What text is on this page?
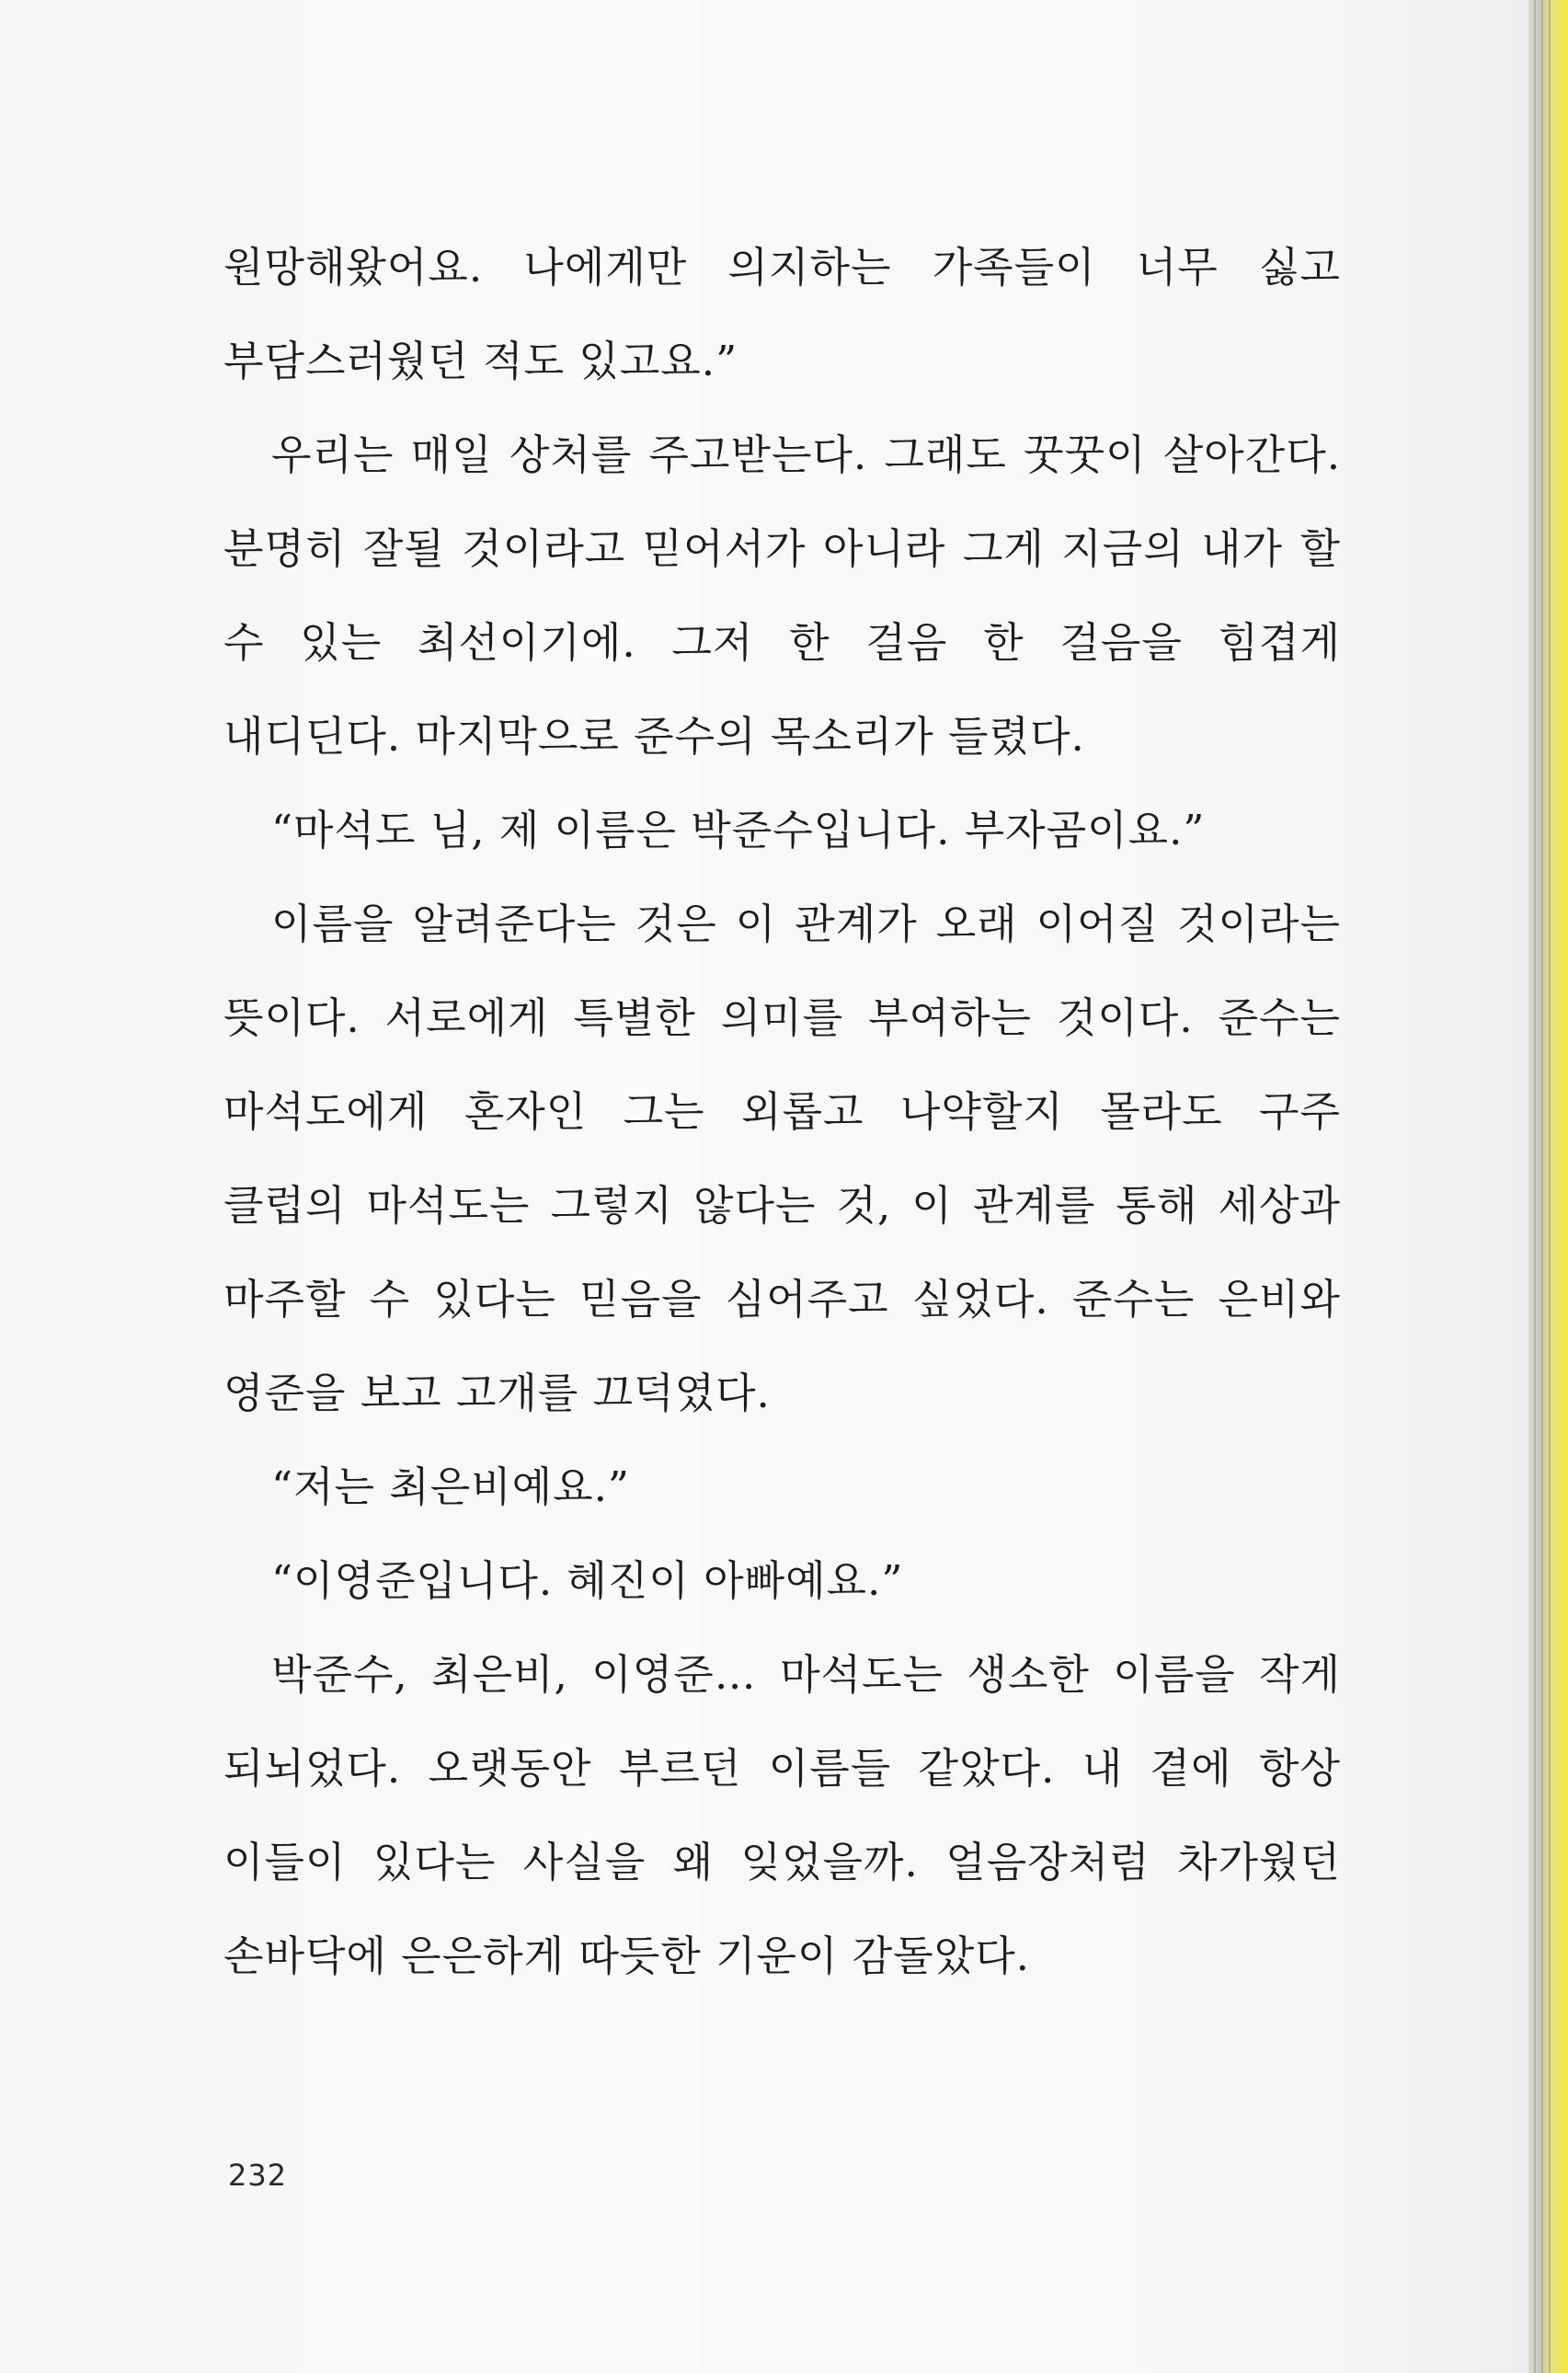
원망해왔어요. 나에게만 의지하는 가족들이 너무 싫고 부담스러웠던 적도 있고요.”

우리는 매일 상처를 주고받는다. 그래도 꿋꿋이 살아간다. 분명히 잘될 것이라고 믿어서가 아니라 그게 지금의 내가 할 수 있는 최선이기에. 그저 한 걸음 한 걸음을 힘겹게 내디딘다. 마지막으로 준수의 목소리가 들렸다.

“마석도 님, 제 이름은 박준수입니다. 부자곰이요.”

이름을 알려준다는 것은 이 관계가 오래 이어질 것이라는 뜻이다. 서로에게 특별한 의미를 부여하는 것이다. 준수는 마석도에게 혼자인 그는 외롭고 나약할지 몰라도 구주 클럽의 마석도는 그렇지 않다는 것, 이 관계를 통해 세상과 마주할 수 있다는 믿음을 심어주고 싶었다. 준수는 은비와 영준을 보고 고개를 끄덕였다.

“저는 최은비예요.”

“이영준입니다. 혜진이 아빠예요.”

박준수, 최은비, 이영준… 마석도는 생소한 이름을 작게 되뇌었다. 오랫동안 부르던 이름들 같았다. 내 곁에 항상 이들이 있다는 사실을 왜 잊었을까. 얼음장처럼 차가웠던 손바닥에 은은하게 따듯한 기운이 감돌았다.

232
